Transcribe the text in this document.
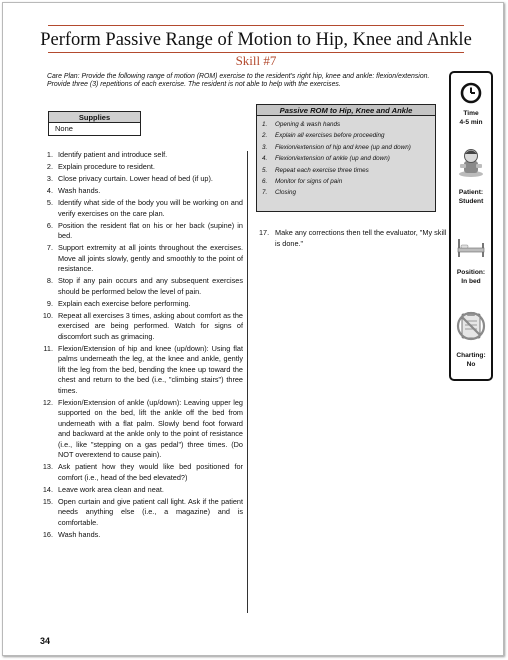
Perform Passive Range of Motion to Hip, Knee and Ankle
Skill #7
Care Plan: Provide the following range of motion (ROM) exercise to the resident's right hip, knee and ankle: flexion/extension. Provide three (3) repetitions of each exercise. The resident is not able to help with the exercises.
Supplies
None
1. Identify patient and introduce self.
2. Explain procedure to resident.
3. Close privacy curtain. Lower head of bed (if up).
4. Wash hands.
5. Identify what side of the body you will be working on and verify exercises on the care plan.
6. Position the resident flat on his or her back (supine) in bed.
7. Support extremity at all joints throughout the exercises. Move all joints slowly, gently and smoothly to the point of resistance.
8. Stop if any pain occurs and any subsequent exercises should be performed below the level of pain.
9. Explain each exercise before performing.
10. Repeat all exercises 3 times, asking about comfort as the exercised are being performed. Watch for signs of discomfort such as grimacing.
11. Flexion/Extension of hip and knee (up/down): Using flat palms underneath the leg, at the knee and ankle, gently lift the leg from the bed, bending the knee up toward the chest and return to the bed (i.e., "climbing stairs") three times.
12. Flexion/Extension of ankle (up/down): Leaving upper leg supported on the bed, lift the ankle off the bed from underneath with a flat palm. Slowly bend foot forward and backward at the ankle only to the point of resistance (i.e., like "stepping on a gas pedal") three times. (Do NOT overextend to cause pain).
13. Ask patient how they would like bed positioned for comfort (i.e., head of the bed elevated?)
14. Leave work area clean and neat.
15. Open curtain and give patient call light. Ask if the patient needs anything else (i.e., a magazine) and is comfortable.
16. Wash hands.
Passive ROM to Hip, Knee and Ankle
1. Opening & wash hands
2. Explain all exercises before proceeding
3. Flexion/extension of hip and knee (up and down)
4. Flexion/extension of ankle (up and down)
5. Repeat each exercise three times
6. Monitor for signs of pain
7. Closing
17. Make any corrections then tell the evaluator, "My skill is done."
Time
4-5 min
Patient:
Student
Position:
In bed
Charting:
No
34
